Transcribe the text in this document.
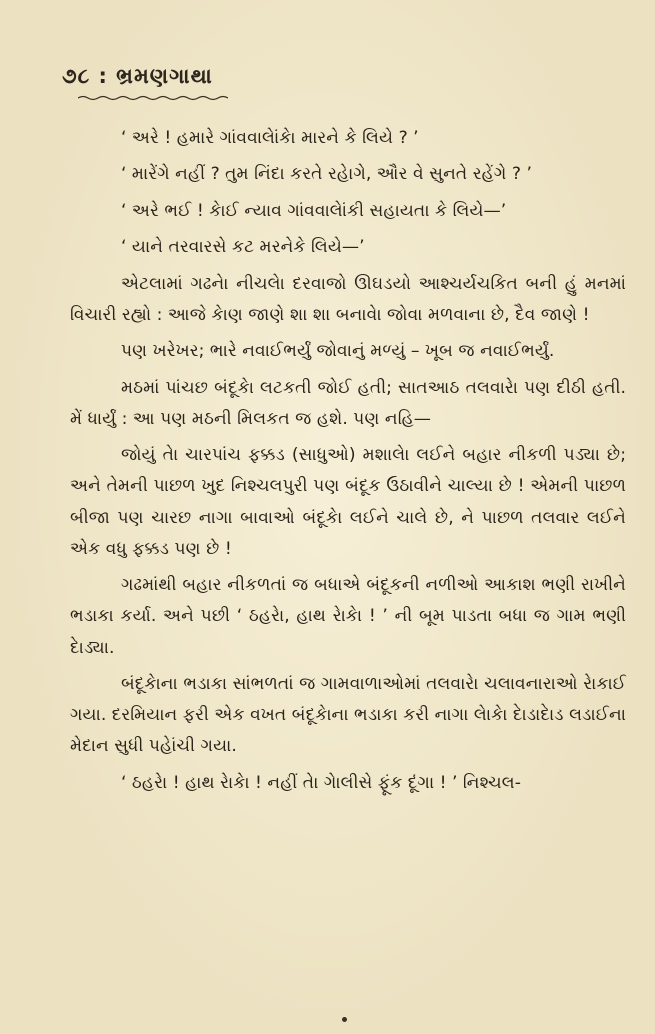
૭૮ : ભ્રમણગાથા

‘ અરે ! હમારે ગાંવવાલેાંકેા મારને કે લિયે ? ’

‘ મારેંગે નહીં ? તુમ નિંદા કરતે રહેાગે, ઔર વે સુનતે રહેંગે ? ’

‘ અરે ભઈ ! કેાઈ ન્યાવ ગાંવવાલેાંકી સહાયતા કે લિયે—’

‘ યાને તરવારસે કટ મરનેકે લિયે—’

એટલામાં ગઢનેા નીચલેા દરવાજો ઊઘડયો આશ્ચર્યચકિત બની હું મનમાં વિચારી રહ્યો : આજે કેાણ જાણે શા શા બનાવેા જોવા મળવાના છે, દૈવ જાણે !

પણ ખરેખર; ભારે નવાઈભર્યું જોવાનું મળ્યું – ખૂબ જ નવાઈભર્યું.

મઠમાં પાંચછ બંદૂકેા લટકતી જોઈ હતી; સાતઆઠ તલવારેા પણ દીઠી હતી. મેં ધાર્યું : આ પણ મઠની મિલકત જ હશે. પણ નહિ—

જોયું તેા ચારપાંચ ફક્કડ (સાધુઓ) મશાલેા લઈને બહાર નીકળી પડ્યા છે; અને તેમની પાછળ ખુદ નિશ્ચલપુરી પણ બંદૂક ઉઠાવીને ચાલ્યા છે ! એમની પાછળ બીજા પણ ચારછ નાગા બાવાઓ બંદૂકેા લઈને ચાલે છે, ને પાછળ તલવાર લઈને એક વધુ ફક્કડ પણ છે !

ગઢમાંથી બહાર નીકળતાં જ બધાએ બંદૂકની નળીઓ આકાશ ભણી રાખીને ભડાકા કર્યા. અને પછી ‘ ઠહરેા, હાથ રેાકેા ! ’ ની બૂમ પાડતા બધા જ ગામ ભણી દેાડ્યા.

બંદૂકેાના ભડાકા સાંભળતાં જ ગામવાળાઓમાં તલવારેા ચલાવનારાઓ રેાકાઈ ગયા. દરમિયાન ફરી એક વખત બંદૂકેાના ભડાકા કરી નાગા લેાકેા દેાડાદેાડ લડાઈના મેદાન સુધી પહેાંચી ગયા.

‘ ઠહરેા ! હાથ રેાકેા ! નહીં તેા ગેાલીસે ફૂંક દૂંગા ! ’ નિશ્ચલ-
